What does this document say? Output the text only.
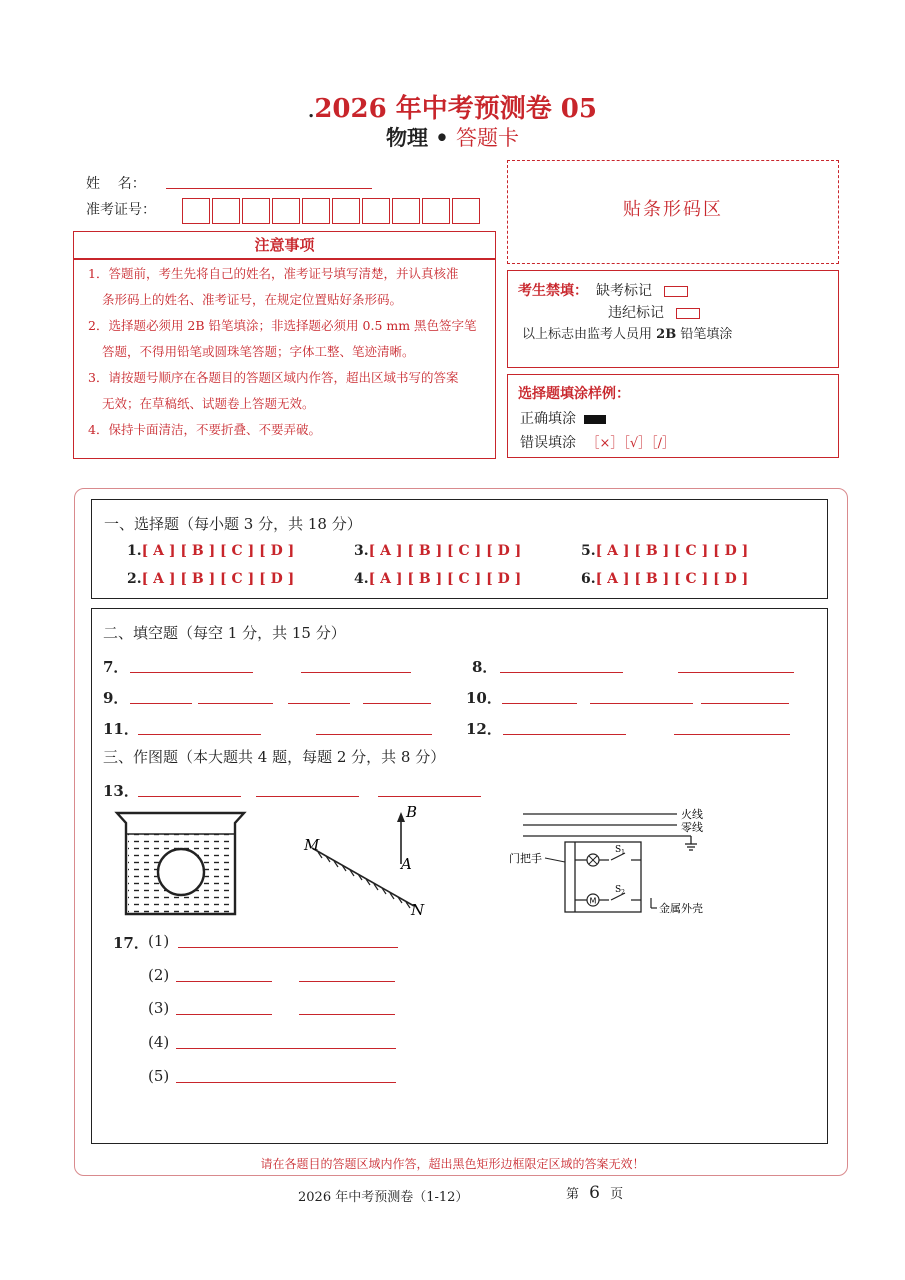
.2026 年中考预测卷 05
物理 • 答题卡
姓    名：
准考证号：
注意事项
1．答题前，考生先将自己的姓名，准考证号填写清楚，并认真核准
条形码上的姓名、准考证号，在规定位置贴好条形码。
2．选择题必须用 2B 铅笔填涂；非选择题必须用 0.5 mm 黑色签字笔
答题，不得用铅笔或圆珠笔答题；字体工整、笔迹清晰。
3．请按题号顺序在各题目的答题区域内作答，超出区域书写的答案
无效；在草稿纸、试题卷上答题无效。
4．保持卡面清洁，不要折叠、不要弄破。
贴条形码区
考生禁填： 缺考标记
违纪标记
以上标志由监考人员用 2B 铅笔填涂
选择题填涂样例：
正确填涂
错误填涂 ［×］［√］［/］
一、选择题（每小题 3 分，共 18 分）
1.[ A ] [ B ] [ C ] [ D ]
2.[ A ] [ B ] [ C ] [ D ]
3.[ A ] [ B ] [ C ] [ D ]
4.[ A ] [ B ] [ C ] [ D ]
5.[ A ] [ B ] [ C ] [ D ]
6.[ A ] [ B ] [ C ] [ D ]
二、填空题（每空 1 分，共 15 分）
7．	8．
9．	10．
11．	12．
三、作图题（本大题共 4 题，每题 2 分，共 8 分）
13．
B
M
A
N
火线
零线
M
$S_1$
$S_2$
门把手
金属外壳
17． (1)
(2)
(3)
(4)
(5)
请在各题目的答题区域内作答，超出黑色矩形边框限定区域的答案无效！
2026 年中考预测卷（1-12）	第 6 页
